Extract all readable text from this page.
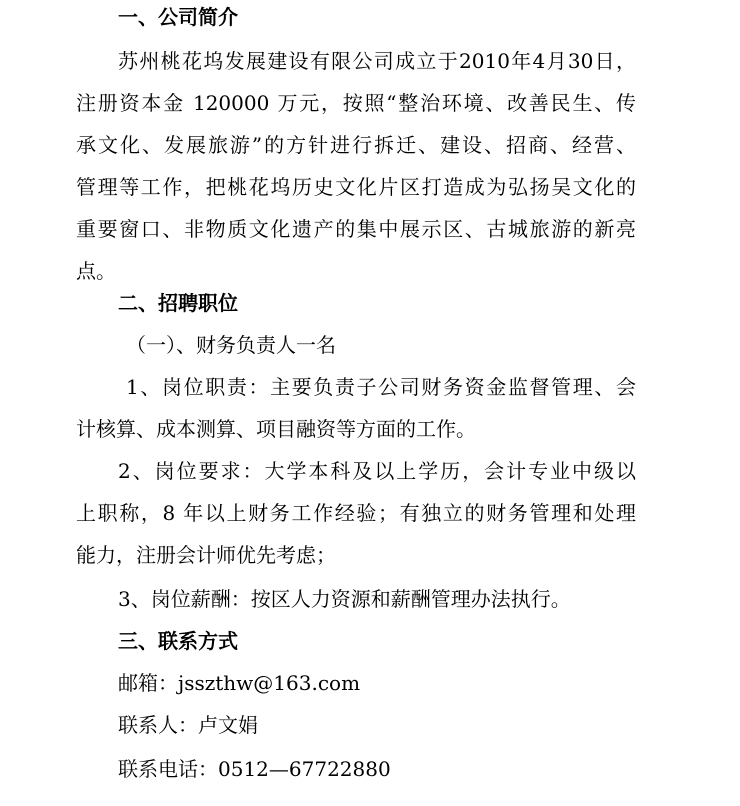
一、公司简介
苏州桃花坞发展建设有限公司成立于2010年4月30日，
注册资本金 120000 万元，按照“整治环境、改善民生、传
承文化、发展旅游”的方针进行拆迁、建设、招商、经营、
管理等工作，把桃花坞历史文化片区打造成为弘扬吴文化的
重要窗口、非物质文化遗产的集中展示区、古城旅游的新亮
点。
二、招聘职位
（一）、财务负责人一名
1、岗位职责：主要负责子公司财务资金监督管理、会
计核算、成本测算、项目融资等方面的工作。
2、岗位要求：大学本科及以上学历，会计专业中级以
上职称，8 年以上财务工作经验；有独立的财务管理和处理
能力，注册会计师优先考虑；
3、岗位薪酬：按区人力资源和薪酬管理办法执行。
三、联系方式
邮箱：jsszthw@163.com
联系人：卢文娟
联系电话：0512—67722880
